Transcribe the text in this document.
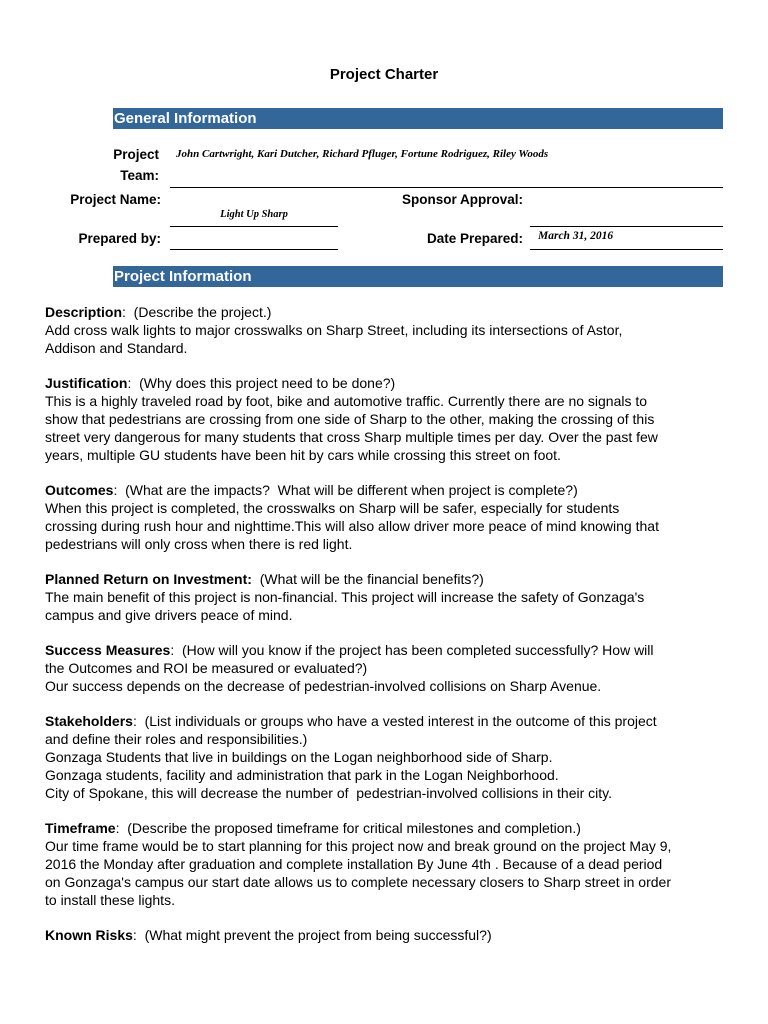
Project Charter
General Information
Project
Team:
John Cartwright, Kari Dutcher, Richard Pfluger, Fortune Rodriguez, Riley Woods
Project Name:
Light Up Sharp
Sponsor Approval:
Prepared by:	Date Prepared: March 31, 2016
Project Information
Description:  (Describe the project.)
Add cross walk lights to major crosswalks on Sharp Street, including its intersections of Astor,
Addison and Standard.
Justification:  (Why does this project need to be done?)
This is a highly traveled road by foot, bike and automotive traffic. Currently there are no signals to
show that pedestrians are crossing from one side of Sharp to the other, making the crossing of this
street very dangerous for many students that cross Sharp multiple times per day. Over the past few
years, multiple GU students have been hit by cars while crossing this street on foot.
Outcomes:  (What are the impacts?  What will be different when project is complete?)
When this project is completed, the crosswalks on Sharp will be safer, especially for students
crossing during rush hour and nighttime.This will also allow driver more peace of mind knowing that
pedestrians will only cross when there is red light.
Planned Return on Investment:  (What will be the financial benefits?)
The main benefit of this project is non-financial. This project will increase the safety of Gonzaga's
campus and give drivers peace of mind.
Success Measures:  (How will you know if the project has been completed successfully? How will
the Outcomes and ROI be measured or evaluated?)
Our success depends on the decrease of pedestrian-involved collisions on Sharp Avenue.
Stakeholders:  (List individuals or groups who have a vested interest in the outcome of this project
and define their roles and responsibilities.)
Gonzaga Students that live in buildings on the Logan neighborhood side of Sharp.
Gonzaga students, facility and administration that park in the Logan Neighborhood.
City of Spokane, this will decrease the number of  pedestrian-involved collisions in their city.
Timeframe:  (Describe the proposed timeframe for critical milestones and completion.)
Our time frame would be to start planning for this project now and break ground on the project May 9,
2016 the Monday after graduation and complete installation By June 4th . Because of a dead period
on Gonzaga's campus our start date allows us to complete necessary closers to Sharp street in order
to install these lights.
Known Risks:  (What might prevent the project from being successful?)
